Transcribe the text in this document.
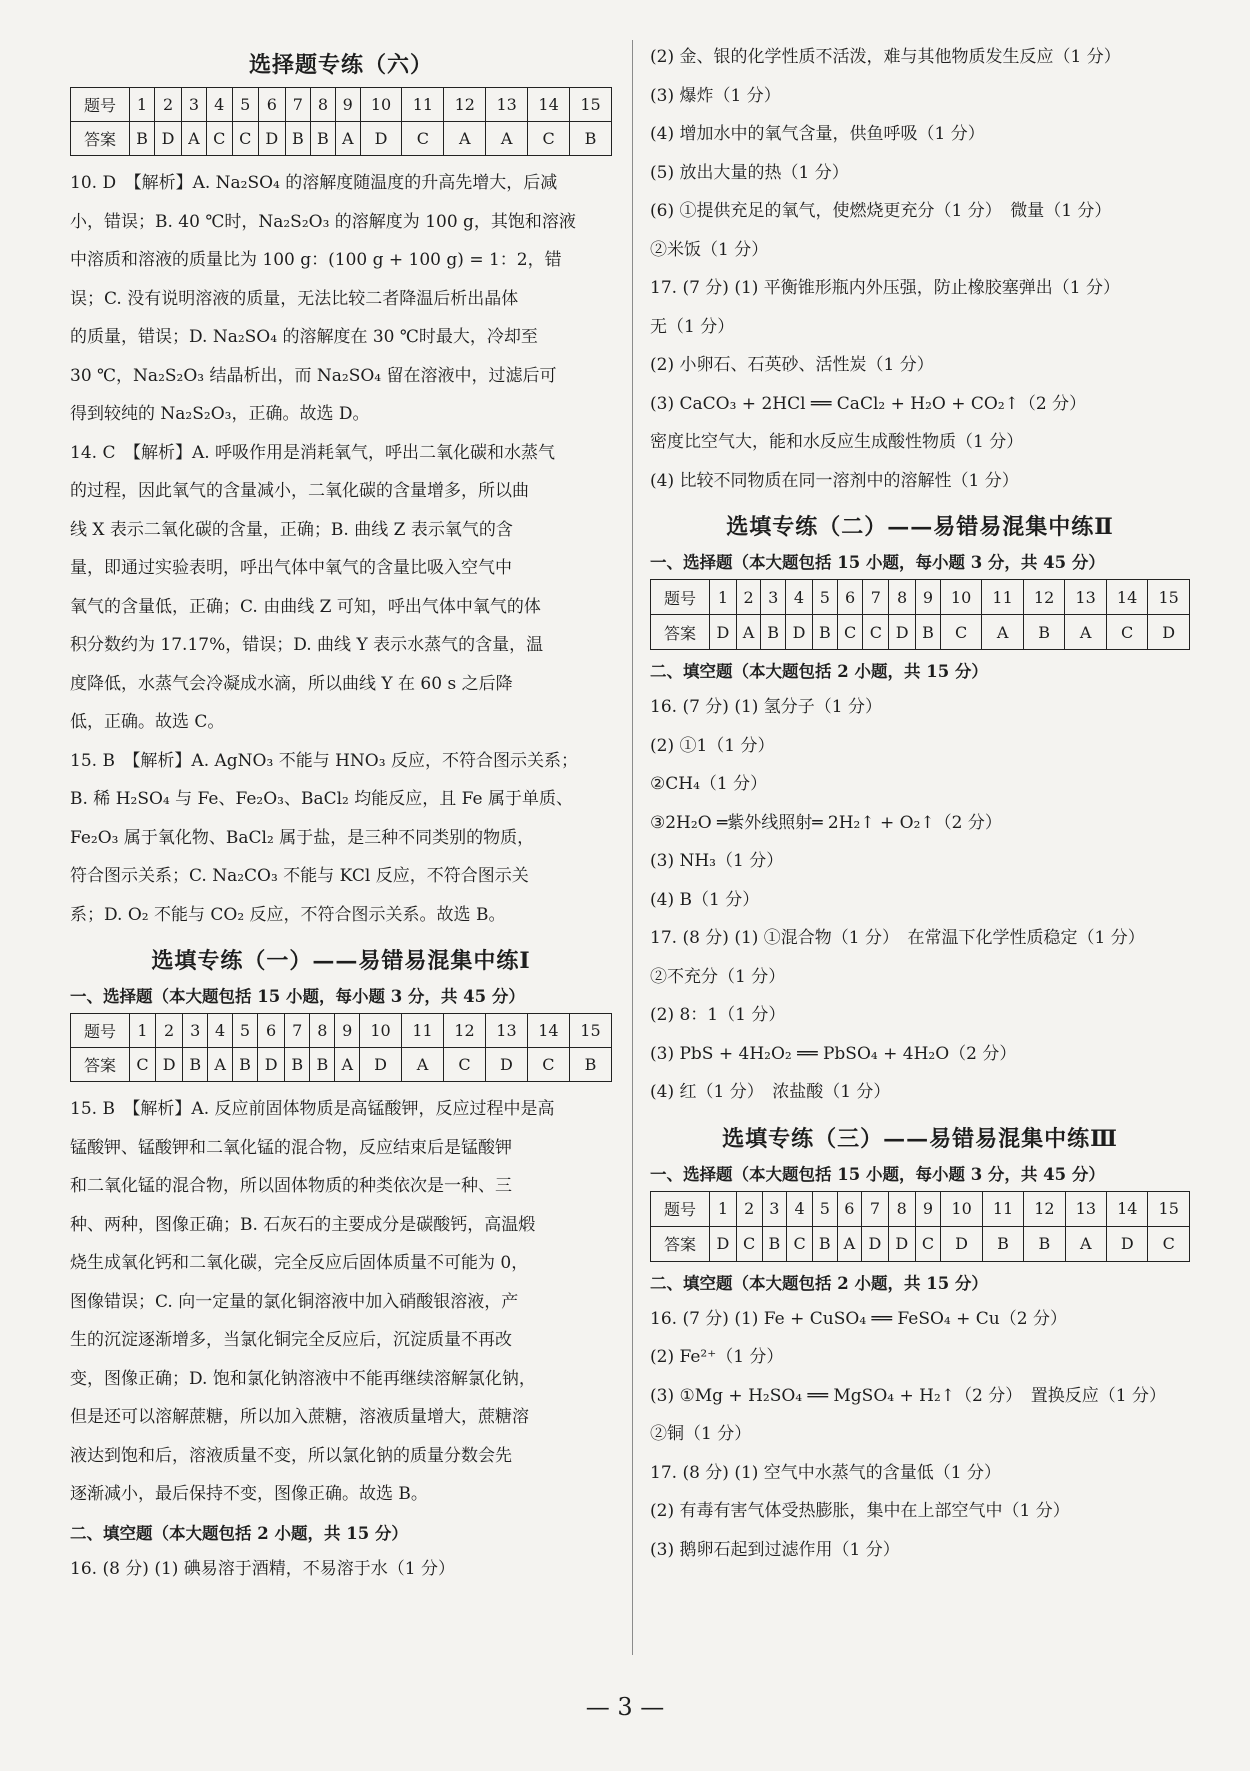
选择题专练（六）
题号	1	2	3	4	5	6	7	8	9	10	11	12	13	14	15
答案	B	D	A	C	C	D	B	B	A	D	C	A	A	C	B

10. D　【解析】A. Na₂SO₄ 的溶解度随温度的升高先增大，后减

小，错误；B. 40 ℃时，Na₂S₂O₃ 的溶解度为 100 g，其饱和溶液

中溶质和溶液的质量比为 100 g：(100 g + 100 g) = 1：2，错

误；C. 没有说明溶液的质量，无法比较二者降温后析出晶体

的质量，错误；D. Na₂SO₄ 的溶解度在 30 ℃时最大，冷却至

30 ℃，Na₂S₂O₃ 结晶析出，而 Na₂SO₄ 留在溶液中，过滤后可

得到较纯的 Na₂S₂O₃，正确。故选 D。

14. C　【解析】A. 呼吸作用是消耗氧气，呼出二氧化碳和水蒸气

的过程，因此氧气的含量减小，二氧化碳的含量增多，所以曲

线 X 表示二氧化碳的含量，正确；B. 曲线 Z 表示氧气的含

量，即通过实验表明，呼出气体中氧气的含量比吸入空气中

氧气的含量低，正确；C. 由曲线 Z 可知，呼出气体中氧气的体

积分数约为 17.17%，错误；D. 曲线 Y 表示水蒸气的含量，温

度降低，水蒸气会冷凝成水滴，所以曲线 Y 在 60 s 之后降

低，正确。故选 C。

15. B　【解析】A. AgNO₃ 不能与 HNO₃ 反应，不符合图示关系；

B. 稀 H₂SO₄ 与 Fe、Fe₂O₃、BaCl₂ 均能反应，且 Fe 属于单质、

Fe₂O₃ 属于氧化物、BaCl₂ 属于盐，是三种不同类别的物质，

符合图示关系；C. Na₂CO₃ 不能与 KCl 反应，不符合图示关

系；D. O₂ 不能与 CO₂ 反应，不符合图示关系。故选 B。

选填专练（一）——易错易混集中练Ⅰ
一、选择题（本大题包括 15 小题，每小题 3 分，共 45 分）
题号	1	2	3	4	5	6	7	8	9	10	11	12	13	14	15
答案	C	D	B	A	B	D	B	B	A	D	A	C	D	C	B

15. B　【解析】A. 反应前固体物质是高锰酸钾，反应过程中是高

锰酸钾、锰酸钾和二氧化锰的混合物，反应结束后是锰酸钾

和二氧化锰的混合物，所以固体物质的种类依次是一种、三

种、两种，图像正确；B. 石灰石的主要成分是碳酸钙，高温煅

烧生成氧化钙和二氧化碳，完全反应后固体质量不可能为 0，

图像错误；C. 向一定量的氯化铜溶液中加入硝酸银溶液，产

生的沉淀逐渐增多，当氯化铜完全反应后，沉淀质量不再改

变，图像正确；D. 饱和氯化钠溶液中不能再继续溶解氯化钠，

但是还可以溶解蔗糖，所以加入蔗糖，溶液质量增大，蔗糖溶

液达到饱和后，溶液质量不变，所以氯化钠的质量分数会先

逐渐减小，最后保持不变，图像正确。故选 B。

二、填空题（本大题包括 2 小题，共 15 分）

16. (8 分) (1) 碘易溶于酒精，不易溶于水（1 分）

(2) 金、银的化学性质不活泼，难与其他物质发生反应（1 分）

(3) 爆炸（1 分）

(4) 增加水中的氧气含量，供鱼呼吸（1 分）

(5) 放出大量的热（1 分）

(6) ①提供充足的氧气，使燃烧更充分（1 分）　微量（1 分）

②米饭（1 分）

17. (7 分) (1) 平衡锥形瓶内外压强，防止橡胶塞弹出（1 分）

无（1 分）

(2) 小卵石、石英砂、活性炭（1 分）

(3) CaCO₃ + 2HCl ══ CaCl₂ + H₂O + CO₂↑（2 分）

密度比空气大，能和水反应生成酸性物质（1 分）

(4) 比较不同物质在同一溶剂中的溶解性（1 分）

选填专练（二）——易错易混集中练Ⅱ
一、选择题（本大题包括 15 小题，每小题 3 分，共 45 分）
题号	1	2	3	4	5	6	7	8	9	10	11	12	13	14	15
答案	D	A	B	D	B	C	C	D	B	C	A	B	A	C	D
二、填空题（本大题包括 2 小题，共 15 分）

16. (7 分) (1) 氢分子（1 分）

(2) ①1（1 分）

②CH₄（1 分）

③2H₂O ═紫外线照射═ 2H₂↑ + O₂↑（2 分）

(3) NH₃（1 分）

(4) B（1 分）

17. (8 分) (1) ①混合物（1 分）　在常温下化学性质稳定（1 分）

②不充分（1 分）

(2) 8：1（1 分）

(3) PbS + 4H₂O₂ ══ PbSO₄ + 4H₂O（2 分）

(4) 红（1 分）　浓盐酸（1 分）

选填专练（三）——易错易混集中练Ⅲ
一、选择题（本大题包括 15 小题，每小题 3 分，共 45 分）
题号	1	2	3	4	5	6	7	8	9	10	11	12	13	14	15
答案	D	C	B	C	B	A	D	D	C	D	B	B	A	D	C
二、填空题（本大题包括 2 小题，共 15 分）

16. (7 分) (1) Fe + CuSO₄ ══ FeSO₄ + Cu（2 分）

(2) Fe²⁺（1 分）

(3) ①Mg + H₂SO₄ ══ MgSO₄ + H₂↑（2 分）　置换反应（1 分）

②铜（1 分）

17. (8 分) (1) 空气中水蒸气的含量低（1 分）

(2) 有毒有害气体受热膨胀，集中在上部空气中（1 分）

(3) 鹅卵石起到过滤作用（1 分）

— 3 —
